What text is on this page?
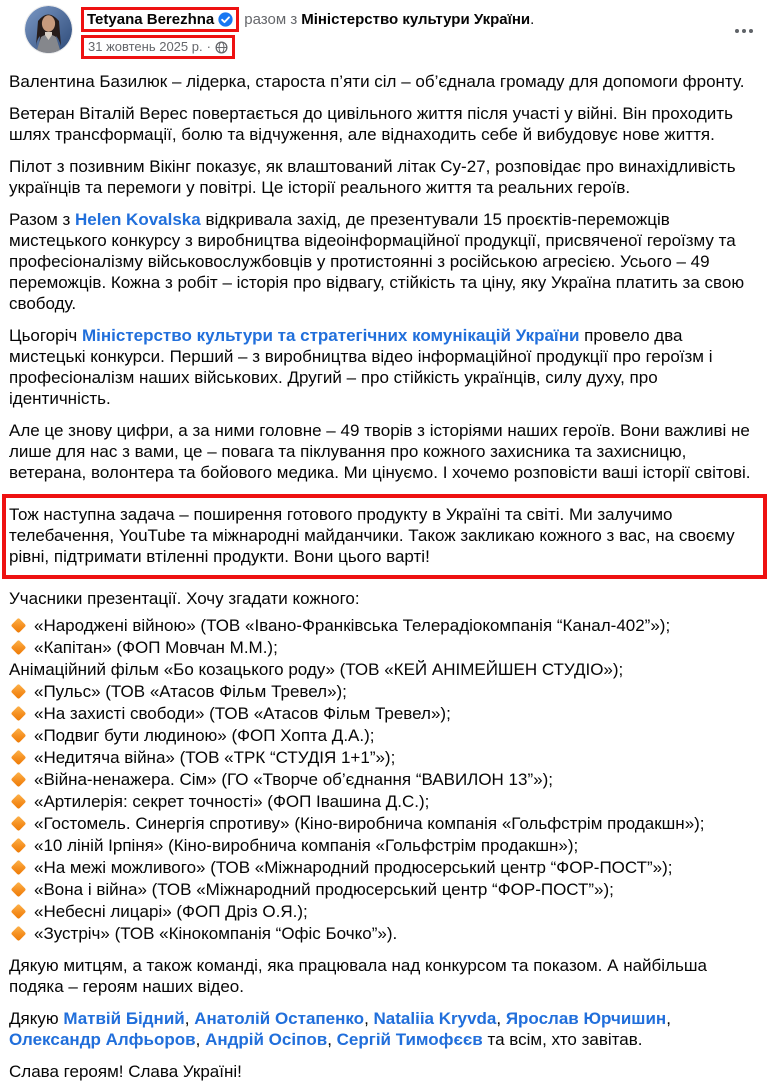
Tetyana Berezhna разом з Міністерство культури України .
31 жовтень 2025 р. ·
Валентина Базилюк – лідерка, староста п’яти сіл – об’єднала громаду для допомоги фронту.
Ветеран Віталій Верес повертається до цивільного життя після участі у війні. Він проходить шлях трансформації, болю та відчуження, але віднаходить себе й вибудовує нове життя.
Пілот з позивним Вікінг показує, як влаштований літак Су-27, розповідає про винахідливість українців та перемоги у повітрі. Це історії реального життя та реальних героїв.
Разом з Helen Kovalska відкривала захід, де презентували 15 проєктів-переможців мистецького конкурсу з виробництва відеоінформаційної продукції, присвяченої героїзму та професіоналізму військовослужбовців у протистоянні з російською агресією. Усього – 49 переможців. Кожна з робіт – історія про відвагу, стійкість та ціну, яку Україна платить за свою свободу.
Цьогоріч Міністерство культури та стратегічних комунікацій України провело два мистецькі конкурси. Перший – з виробництва відео інформаційної продукції про героїзм і професіоналізм наших військових. Другий – про стійкість українців, силу духу, про ідентичність.
Але це знову цифри, а за ними головне – 49 творів з історіями наших героїв. Вони важливі не лише для нас з вами, це – повага та піклування про кожного захисника та захисницю, ветерана, волонтера та бойового медика. Ми цінуємо. І хочемо розповісти ваші історії світові.
Тож наступна задача – поширення готового продукту в Україні та світі. Ми залучимо телебачення, YouTube та міжнародні майданчики. Також закликаю кожного з вас, на своєму рівні, підтримати втіленні продукти. Вони цього варті!
Учасники презентації. Хочу згадати кожного:
«Народжені війною» (ТОВ «Івано-Франківська Телерадіокомпанія “Канал-402”»);
«Капітан» (ФОП Мовчан М.М.);
Анімаційний фільм «Бо козацького роду» (ТОВ «КЕЙ АНІМЕЙШЕН СТУДІО»);
«Пульс» (ТОВ «Атасов Фільм Тревел»);
«На захисті свободи» (ТОВ «Атасов Фільм Тревел»);
«Подвиг бути людиною» (ФОП Хопта Д.А.);
«Недитяча війна» (ТОВ «ТРК “СТУДІЯ 1+1”»);
«Війна-ненажера. Сім» (ГО «Творче об’єднання “ВАВИЛОН 13”»);
«Артилерія: секрет точності» (ФОП Івашина Д.С.);
«Гостомель. Синергія спротиву» (Кіно-виробнича компанія «Гольфстрім продакшн»);
«10 ліній Ірпіня» (Кіно-виробнича компанія «Гольфстрім продакшн»);
«На межі можливого» (ТОВ «Міжнародний продюсерський центр “ФОР-ПОСТ”»);
«Вона і війна» (ТОВ «Міжнародний продюсерський центр “ФОР-ПОСТ”»);
«Небесні лицарі» (ФОП Дріз О.Я.);
«Зустріч» (ТОВ «Кінокомпанія “Офіс Бочко”»).
Дякую митцям, а також команді, яка працювала над конкурсом та показом. А найбільша подяка – героям наших відео.
Дякую Матвій Бідний, Анатолій Остапенко, Nataliia Kryvda, Ярослав Юрчишин, Олександр Алфьоров, Андрій Осіпов, Сергій Тимофєєв та всім, хто завітав.
Слава героям! Слава Україні!
